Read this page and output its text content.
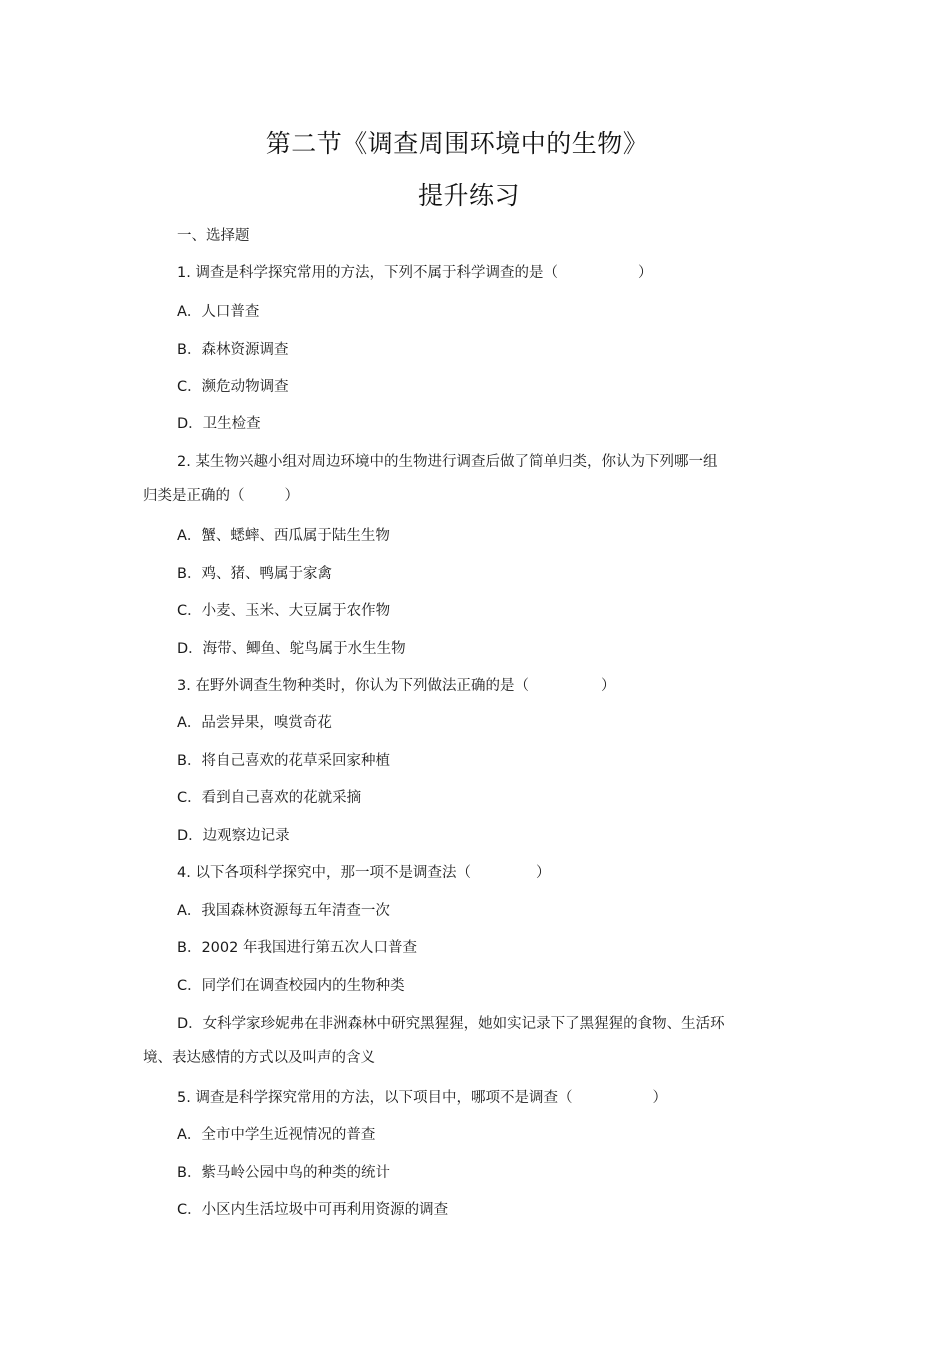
第二节《调查周围环境中的生物》
提升练习
一、选择题
1. 调查是科学探究常用的方法，下列不属于科学调查的是（	）
A．人口普查
B．森林资源调查
C．濒危动物调查
D．卫生检查
2. 某生物兴趣小组对周边环境中的生物进行调查后做了简单归类，你认为下列哪一组
归类是正确的（	）
A．蟹、蟋蟀、西瓜属于陆生生物
B．鸡、猪、鸭属于家禽
C．小麦、玉米、大豆属于农作物
D．海带、鲫鱼、鸵鸟属于水生生物
3. 在野外调查生物种类时，你认为下列做法正确的是（	）
A．品尝异果，嗅赏奇花
B．将自己喜欢的花草采回家种植
C．看到自己喜欢的花就采摘
D．边观察边记录
4. 以下各项科学探究中，那一项不是调查法（	）
A．我国森林资源每五年清查一次
B．2002 年我国进行第五次人口普查
C．同学们在调查校园内的生物种类
D．女科学家珍妮弗在非洲森林中研究黑猩猩，她如实记录下了黑猩猩的食物、生活环
境、表达感情的方式以及叫声的含义
5. 调查是科学探究常用的方法，以下项目中，哪项不是调查（	）
A．全市中学生近视情况的普查
B．紫马岭公园中鸟的种类的统计
C．小区内生活垃圾中可再利用资源的调查
